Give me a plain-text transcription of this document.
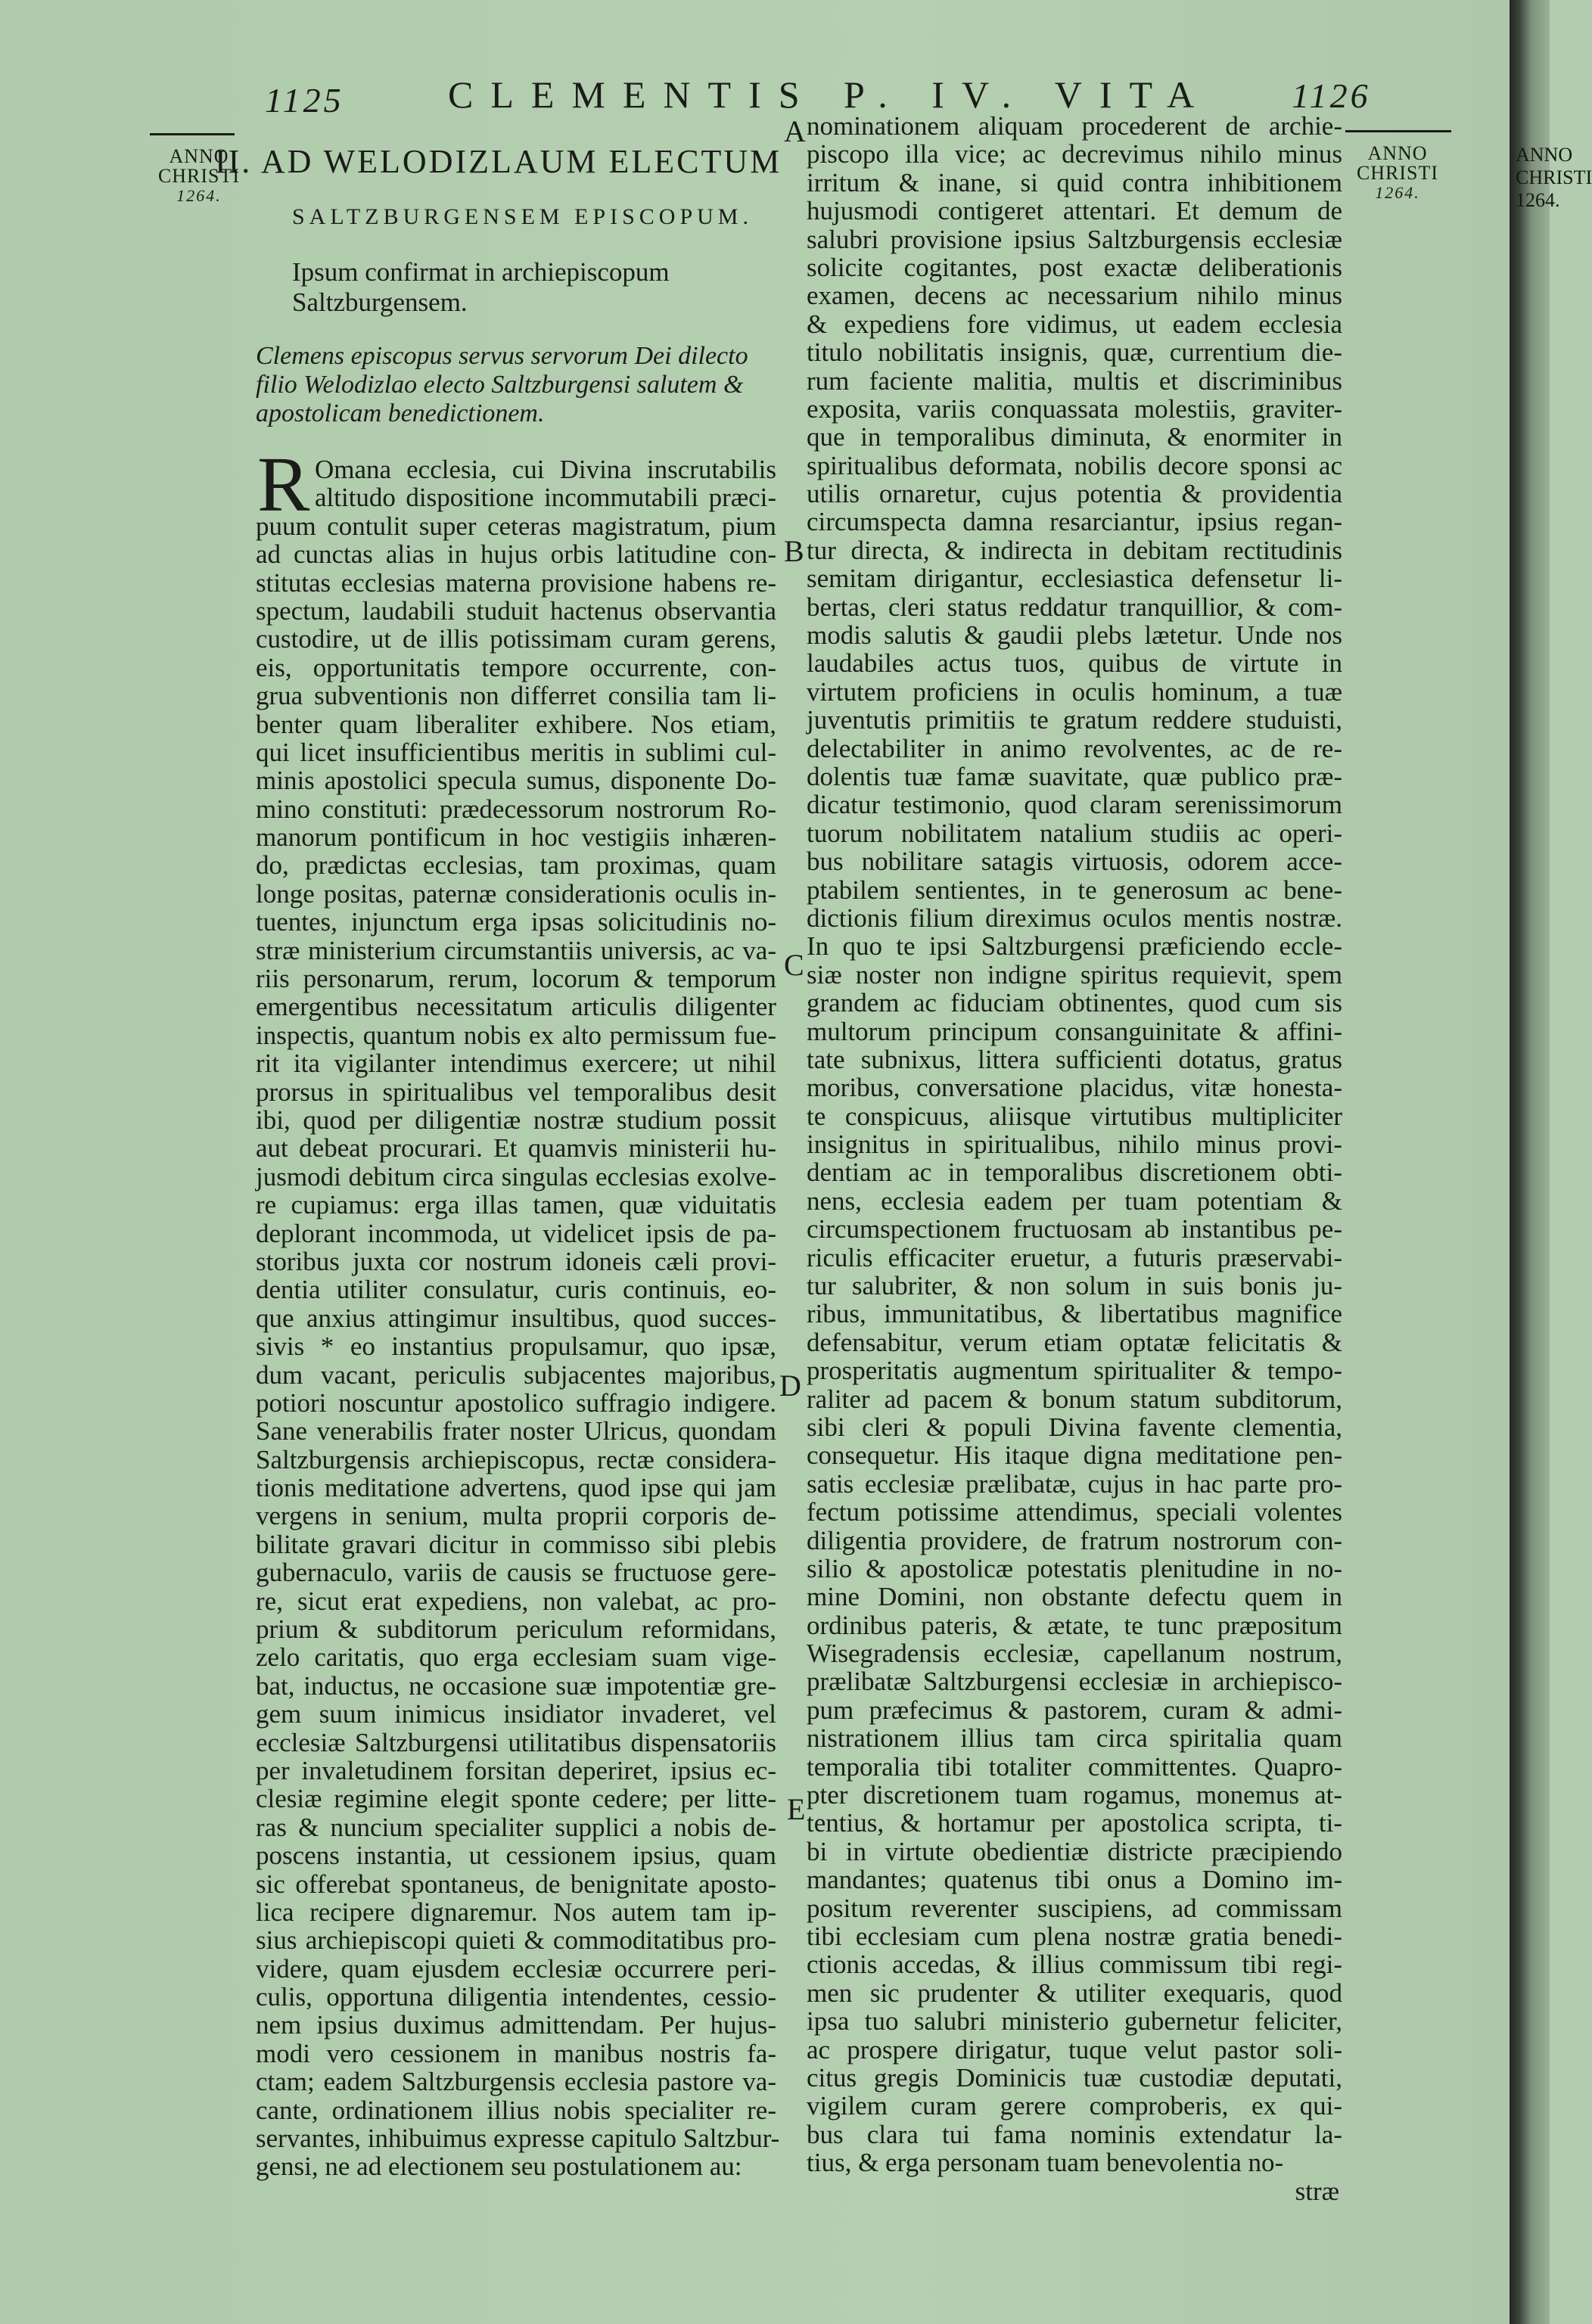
1125	CLEMENTIS P. IV. VITA 1126
ANNO
CHRISTI
1264.
ANNO
CHRISTI
1264.
A
B
C
D
E
II. AD WELODIZLAUM ELECTUM
SALTZBURGENSEM EPISCOPUM.
Ipsum confirmat in archiepiscopum Saltzburgensem.
Clemens episcopus servus servorum Dei dilecto filio Welodizlao electo Saltzburgensi salutem & apostolicam benedictionem.
R Omana ecclesia, cui Divina inscrutabilis
altitudo dispositione incommutabili præci-
puum contulit super ceteras magistratum, pium
ad cunctas alias in hujus orbis latitudine con-
stitutas ecclesias materna provisione habens re-
spectum, laudabili studuit hactenus observantia
custodire, ut de illis potissimam curam gerens,
eis, opportunitatis tempore occurrente, con-
grua subventionis non differret consilia tam li-
benter quam liberaliter exhibere. Nos etiam,
qui licet insufficientibus meritis in sublimi cul-
minis apostolici specula sumus, disponente Do-
mino constituti: prædecessorum nostrorum Ro-
manorum pontificum in hoc vestigiis inhæren-
do, prædictas ecclesias, tam proximas, quam
longe positas, paternæ considerationis oculis in-
tuentes, injunctum erga ipsas solicitudinis no-
stræ ministerium circumstantiis universis, ac va-
riis personarum, rerum, locorum & temporum
emergentibus necessitatum articulis diligenter
inspectis, quantum nobis ex alto permissum fue-
rit ita vigilanter intendimus exercere; ut nihil
prorsus in spiritualibus vel temporalibus desit
ibi, quod per diligentiæ nostræ studium possit
aut debeat procurari. Et quamvis ministerii hu-
jusmodi debitum circa singulas ecclesias exolve-
re cupiamus: erga illas tamen, quæ viduitatis
deplorant incommoda, ut videlicet ipsis de pa-
storibus juxta cor nostrum idoneis cæli provi-
dentia utiliter consulatur, curis continuis, eo-
que anxius attingimur insultibus, quod succes-
sivis * eo instantius propulsamur, quo ipsæ,
dum vacant, periculis subjacentes majoribus,
potiori noscuntur apostolico suffragio indigere.
Sane venerabilis frater noster Ulricus, quondam
Saltzburgensis archiepiscopus, rectæ considera-
tionis meditatione advertens, quod ipse qui jam
vergens in senium, multa proprii corporis de-
bilitate gravari dicitur in commisso sibi plebis
gubernaculo, variis de causis se fructuose gere-
re, sicut erat expediens, non valebat, ac pro-
prium & subditorum periculum reformidans,
zelo caritatis, quo erga ecclesiam suam vige-
bat, inductus, ne occasione suæ impotentiæ gre-
gem suum inimicus insidiator invaderet, vel
ecclesiæ Saltzburgensi utilitatibus dispensatoriis
per invaletudinem forsitan deperiret, ipsius ec-
clesiæ regimine elegit sponte cedere; per litte-
ras & nuncium specialiter supplici a nobis de-
poscens instantia, ut cessionem ipsius, quam
sic offerebat spontaneus, de benignitate aposto-
lica recipere dignaremur. Nos autem tam ip-
sius archiepiscopi quieti & commoditatibus pro-
videre, quam ejusdem ecclesiæ occurrere peri-
culis, opportuna diligentia intendentes, cessio-
nem ipsius duximus admittendam. Per hujus-
modi vero cessionem in manibus nostris fa-
ctam; eadem Saltzburgensis ecclesia pastore va-
cante, ordinationem illius nobis specialiter re-
servantes, inhibuimus expresse capitulo Saltzbur-
gensi, ne ad electionem seu postulationem au:
nominationem aliquam procederent de archie-
piscopo illa vice; ac decrevimus nihilo minus
irritum & inane, si quid contra inhibitionem
hujusmodi contigeret attentari. Et demum de
salubri provisione ipsius Saltzburgensis ecclesiæ
solicite cogitantes, post exactæ deliberationis
examen, decens ac necessarium nihilo minus
& expediens fore vidimus, ut eadem ecclesia
titulo nobilitatis insignis, quæ, currentium die-
rum faciente malitia, multis et discriminibus
exposita, variis conquassata molestiis, graviter-
que in temporalibus diminuta, & enormiter in
spiritualibus deformata, nobilis decore sponsi ac
utilis ornaretur, cujus potentia & providentia
circumspecta damna resarciantur, ipsius regan-
tur directa, & indirecta in debitam rectitudinis
semitam dirigantur, ecclesiastica defensetur li-
bertas, cleri status reddatur tranquillior, & com-
modis salutis & gaudii plebs lætetur. Unde nos
laudabiles actus tuos, quibus de virtute in
virtutem proficiens in oculis hominum, a tuæ
juventutis primitiis te gratum reddere studuisti,
delectabiliter in animo revolventes, ac de re-
dolentis tuæ famæ suavitate, quæ publico præ-
dicatur testimonio, quod claram serenissimorum
tuorum nobilitatem natalium studiis ac operi-
bus nobilitare satagis virtuosis, odorem acce-
ptabilem sentientes, in te generosum ac bene-
dictionis filium direximus oculos mentis nostræ.
In quo te ipsi Saltzburgensi præficiendo eccle-
siæ noster non indigne spiritus requievit, spem
grandem ac fiduciam obtinentes, quod cum sis
multorum principum consanguinitate & affini-
tate subnixus, littera sufficienti dotatus, gratus
moribus, conversatione placidus, vitæ honesta-
te conspicuus, aliisque virtutibus multipliciter
insignitus in spiritualibus, nihilo minus provi-
dentiam ac in temporalibus discretionem obti-
nens, ecclesia eadem per tuam potentiam &
circumspectionem fructuosam ab instantibus pe-
riculis efficaciter eruetur, a futuris præservabi-
tur salubriter, & non solum in suis bonis ju-
ribus, immunitatibus, & libertatibus magnifice
defensabitur, verum etiam optatæ felicitatis &
prosperitatis augmentum spiritualiter & tempo-
raliter ad pacem & bonum statum subditorum,
sibi cleri & populi Divina favente clementia,
consequetur. His itaque digna meditatione pen-
satis ecclesiæ prælibatæ, cujus in hac parte pro-
fectum potissime attendimus, speciali volentes
diligentia providere, de fratrum nostrorum con-
silio & apostolicæ potestatis plenitudine in no-
mine Domini, non obstante defectu quem in
ordinibus pateris, & ætate, te tunc præpositum
Wisegradensis ecclesiæ, capellanum nostrum,
prælibatæ Saltzburgensi ecclesiæ in archiepisco-
pum præfecimus & pastorem, curam & admi-
nistrationem illius tam circa spiritalia quam
temporalia tibi totaliter committentes. Quapro-
pter discretionem tuam rogamus, monemus at-
tentius, & hortamur per apostolica scripta, ti-
bi in virtute obedientiæ districte præcipiendo
mandantes; quatenus tibi onus a Domino im-
positum reverenter suscipiens, ad commissam
tibi ecclesiam cum plena nostræ gratia benedi-
ctionis accedas, & illius commissum tibi regi-
men sic prudenter & utiliter exequaris, quod
ipsa tuo salubri ministerio gubernetur feliciter,
ac prospere dirigatur, tuque velut pastor soli-
citus gregis Dominicis tuæ custodiæ deputati,
vigilem curam gerere comproberis, ex qui-
bus clara tui fama nominis extendatur la-
tius, & erga personam tuam benevolentia no-
stræ
ANNO
CHRISTI
1264.
